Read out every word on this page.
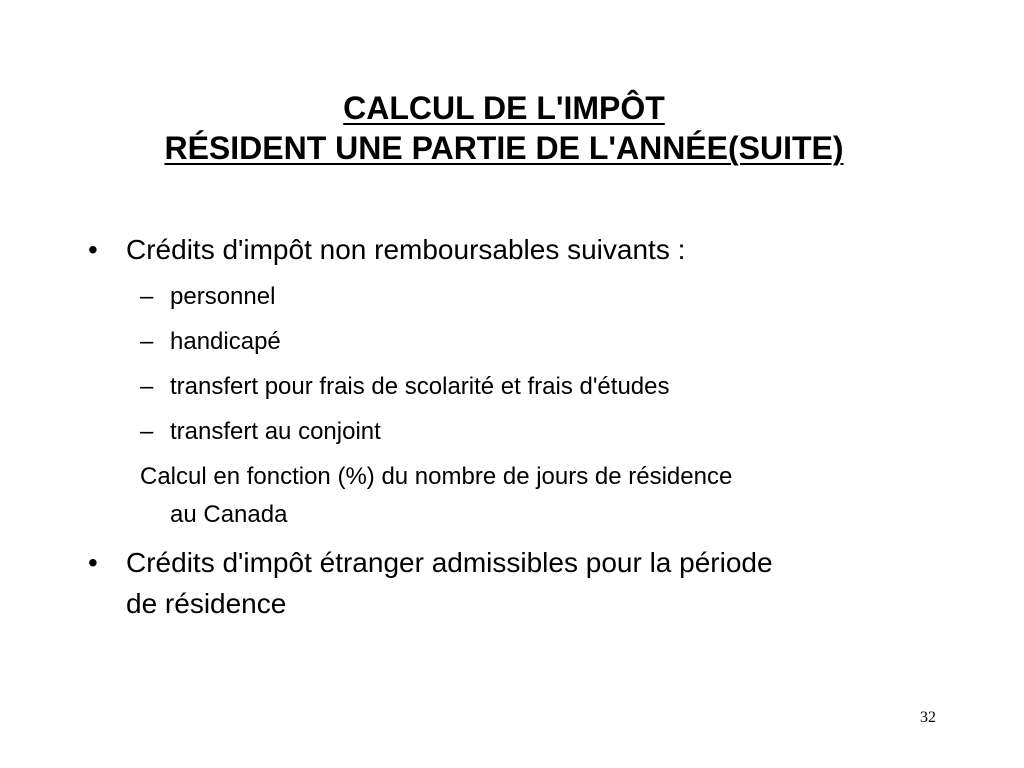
CALCUL DE L'IMPÔT
RÉSIDENT UNE PARTIE DE L'ANNÉE(SUITE)
• Crédits d'impôt non remboursables suivants :
– personnel
– handicapé
– transfert pour frais de scolarité et frais d'études
– transfert au conjoint
Calcul en fonction (%) du nombre de jours de résidence
au Canada
• Crédits d'impôt étranger admissibles pour la période
de résidence
32
